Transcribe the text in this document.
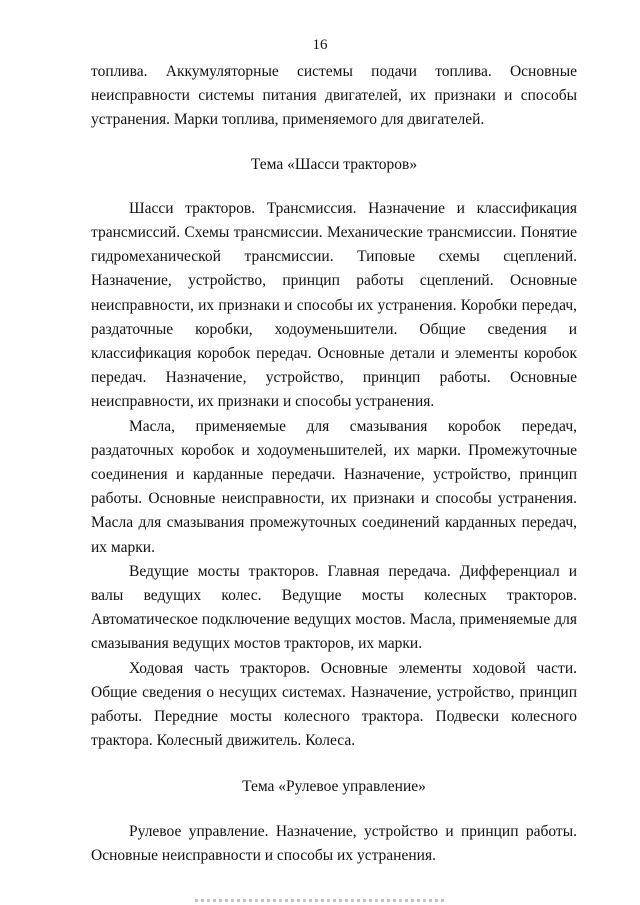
16

топлива. Аккумуляторные системы подачи топлива. Основные неисправности системы питания двигателей, их признаки и способы устранения. Марки топлива, применяемого для двигателей.

Тема «Шасси тракторов»

Шасси тракторов. Трансмиссия. Назначение и классификация трансмиссий. Схемы трансмиссии. Механические трансмиссии. Понятие гидромеханической трансмиссии. Типовые схемы сцеплений. Назначение, устройство, принцип работы сцеплений. Основные неисправности, их признаки и способы их устранения. Коробки передач, раздаточные коробки, ходоуменьшители. Общие сведения и классификация коробок передач. Основные детали и элементы коробок передач. Назначение, устройство, принцип работы. Основные неисправности, их признаки и способы устранения.

Масла, применяемые для смазывания коробок передач, раздаточных коробок и ходоуменьшителей, их марки. Промежуточные соединения и карданные передачи. Назначение, устройство, принцип работы. Основные неисправности, их признаки и способы устранения. Масла для смазывания промежуточных соединений карданных передач, их марки.

Ведущие мосты тракторов. Главная передача. Дифференциал и валы ведущих колес. Ведущие мосты колесных тракторов. Автоматическое подключение ведущих мостов. Масла, применяемые для смазывания ведущих мостов тракторов, их марки.

Ходовая часть тракторов. Основные элементы ходовой части. Общие сведения о несущих системах. Назначение, устройство, принцип работы. Передние мосты колесного трактора. Подвески колесного трактора. Колесный движитель. Колеса.

Тема «Рулевое управление»

Рулевое управление. Назначение, устройство и принцип работы. Основные неисправности и способы их устранения.
